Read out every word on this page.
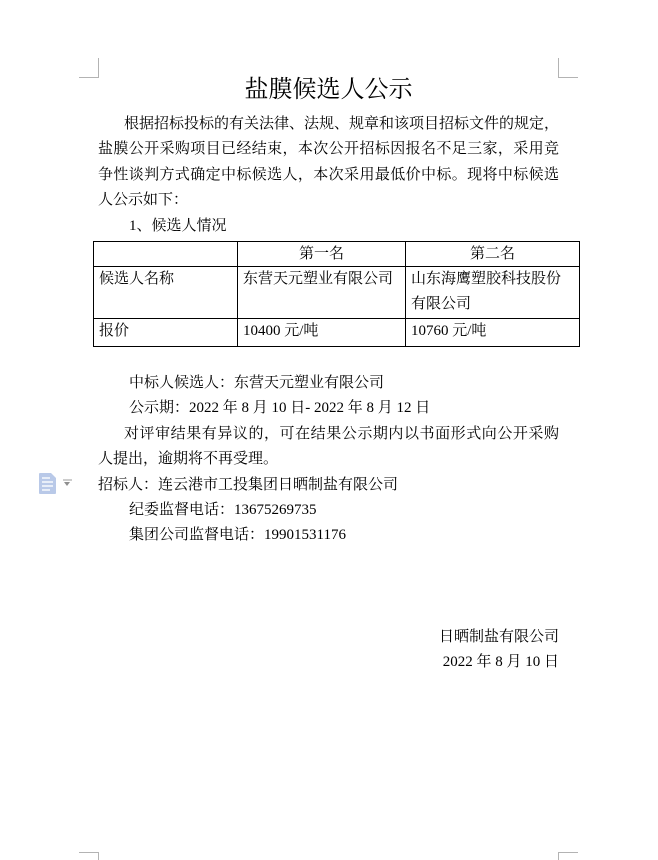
盐膜候选人公示
根据招标投标的有关法律、法规、规章和该项目招标文件的规定，
盐膜公开采购项目已经结束，本次公开招标因报名不足三家，采用竞
争性谈判方式确定中标候选人，本次采用最低价中标。现将中标候选
人公示如下：
1、候选人情况
	第一名	第二名
候选人名称	东营天元塑业有限公司	山东海鹰塑胶科技股份有限公司
报价	10400 元/吨	10760 元/吨
中标人候选人：东营天元塑业有限公司
公示期：2022 年 8 月 10 日- 2022 年 8 月 12 日
对评审结果有异议的，可在结果公示期内以书面形式向公开采购
人提出，逾期将不再受理。
招标人：连云港市工投集团日晒制盐有限公司
纪委监督电话：13675269735
集团公司监督电话：19901531176
日晒制盐有限公司
2022 年 8 月 10 日
